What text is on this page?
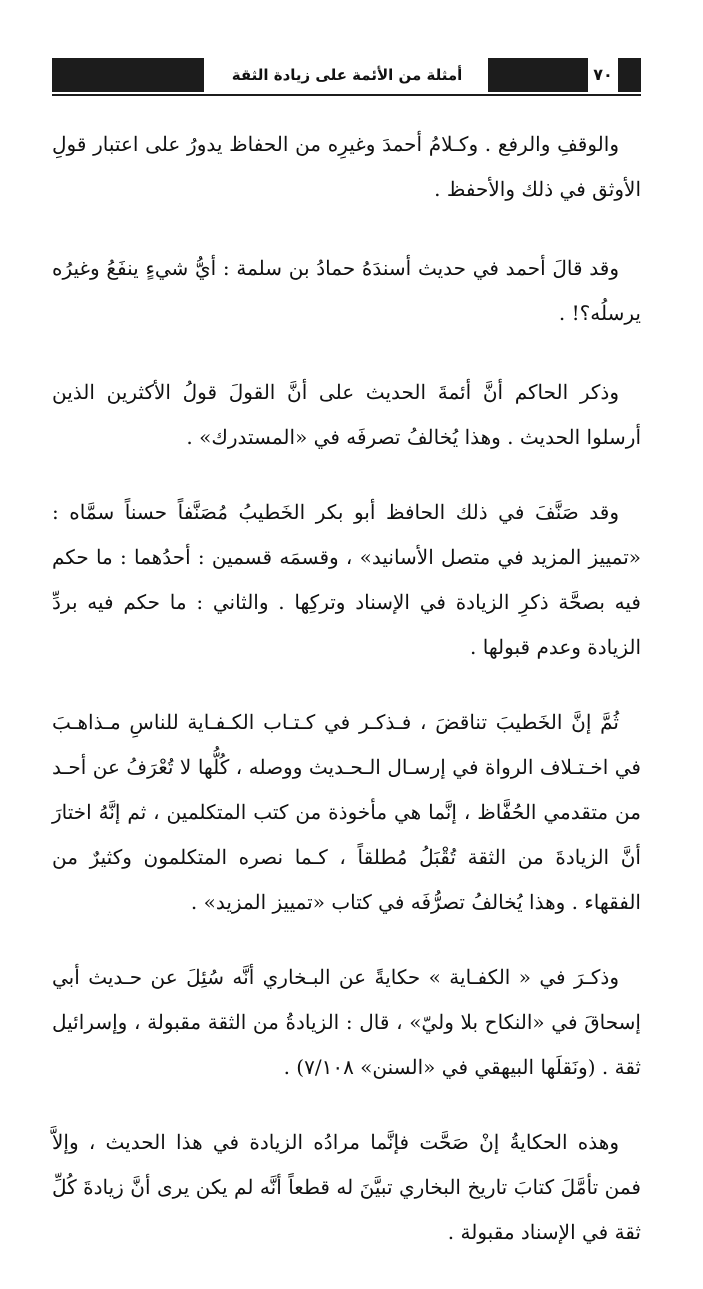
أمثلة من الأئمة على زيادة الثقة	٧٠

والوقفِ والرفع . وكـلامُ أحمدَ وغيرِه من الحفاظ يدورُ على اعتبار قولِ الأوثق في ذلك والأحفظ .

وقد قالَ أحمد في حديث أسندَهُ حمادُ بن سلمة : أيُّ شيءٍ ينفَعُ وغيرُه يرسلُه؟! .

وذكر الحاكم أنَّ أئمةَ الحديث على أنَّ القولَ قولُ الأكثرين الذين أرسلوا الحديث . وهذا يُخالفُ تصرفَه في «المستدرك» .

وقد صَنَّفَ في ذلك الحافظ أبو بكر الخَطيبُ مُصَنَّفاً حسناً سمَّاه : «تمييز المزيد في متصل الأسانيد» ، وقسمَه قسمين : أحدُهما : ما حكم فيه بصحَّة ذكرِ الزيادة في الإسناد وتركِها . والثاني : ما حكم فيه بردِّ الزيادة وعدم قبولها .

ثُمَّ إنَّ الخَطيبَ تناقضَ ، فـذكـر في كـتـاب الكـفـاية للناسِ مـذاهـبَ في اخـتـلاف الرواة في إرسـال الـحـديث ووصله ، كُلُّها لا تُعْرَفُ عن أحـد من متقدمي الحُفَّاظ ، إنَّما هي مأخوذة من كتب المتكلمين ، ثم إنَّهُ اختارَ أنَّ الزيادةَ من الثقة تُقْبَلُ مُطلقاً ، كـما نصره المتكلمون وكثيرٌ من الفقهاء . وهذا يُخالفُ تصرُّفَه في كتاب «تمييز المزيد» .

وذكـرَ في « الكفـاية » حكايةً عن البـخاري أنَّه سُئِلَ عن حـديث أبي إسحاقَ في «النكاح بلا وليّ» ، قال : الزيادةُ من الثقة مقبولة ، وإسرائيل ثقة . (ونَقلَها البيهقي في «السنن» ٧/١٠٨) .

وهذه الحكايةُ إنْ صَحَّت فإنَّما مرادُه الزيادة في هذا الحديث ، وإلاَّ فمن تأمَّلَ كتابَ تاريخ البخاري تبيَّنَ له قطعاً أنَّه لم يكن يرى أنَّ زيادةَ كُلِّ ثقة في الإسناد مقبولة .
